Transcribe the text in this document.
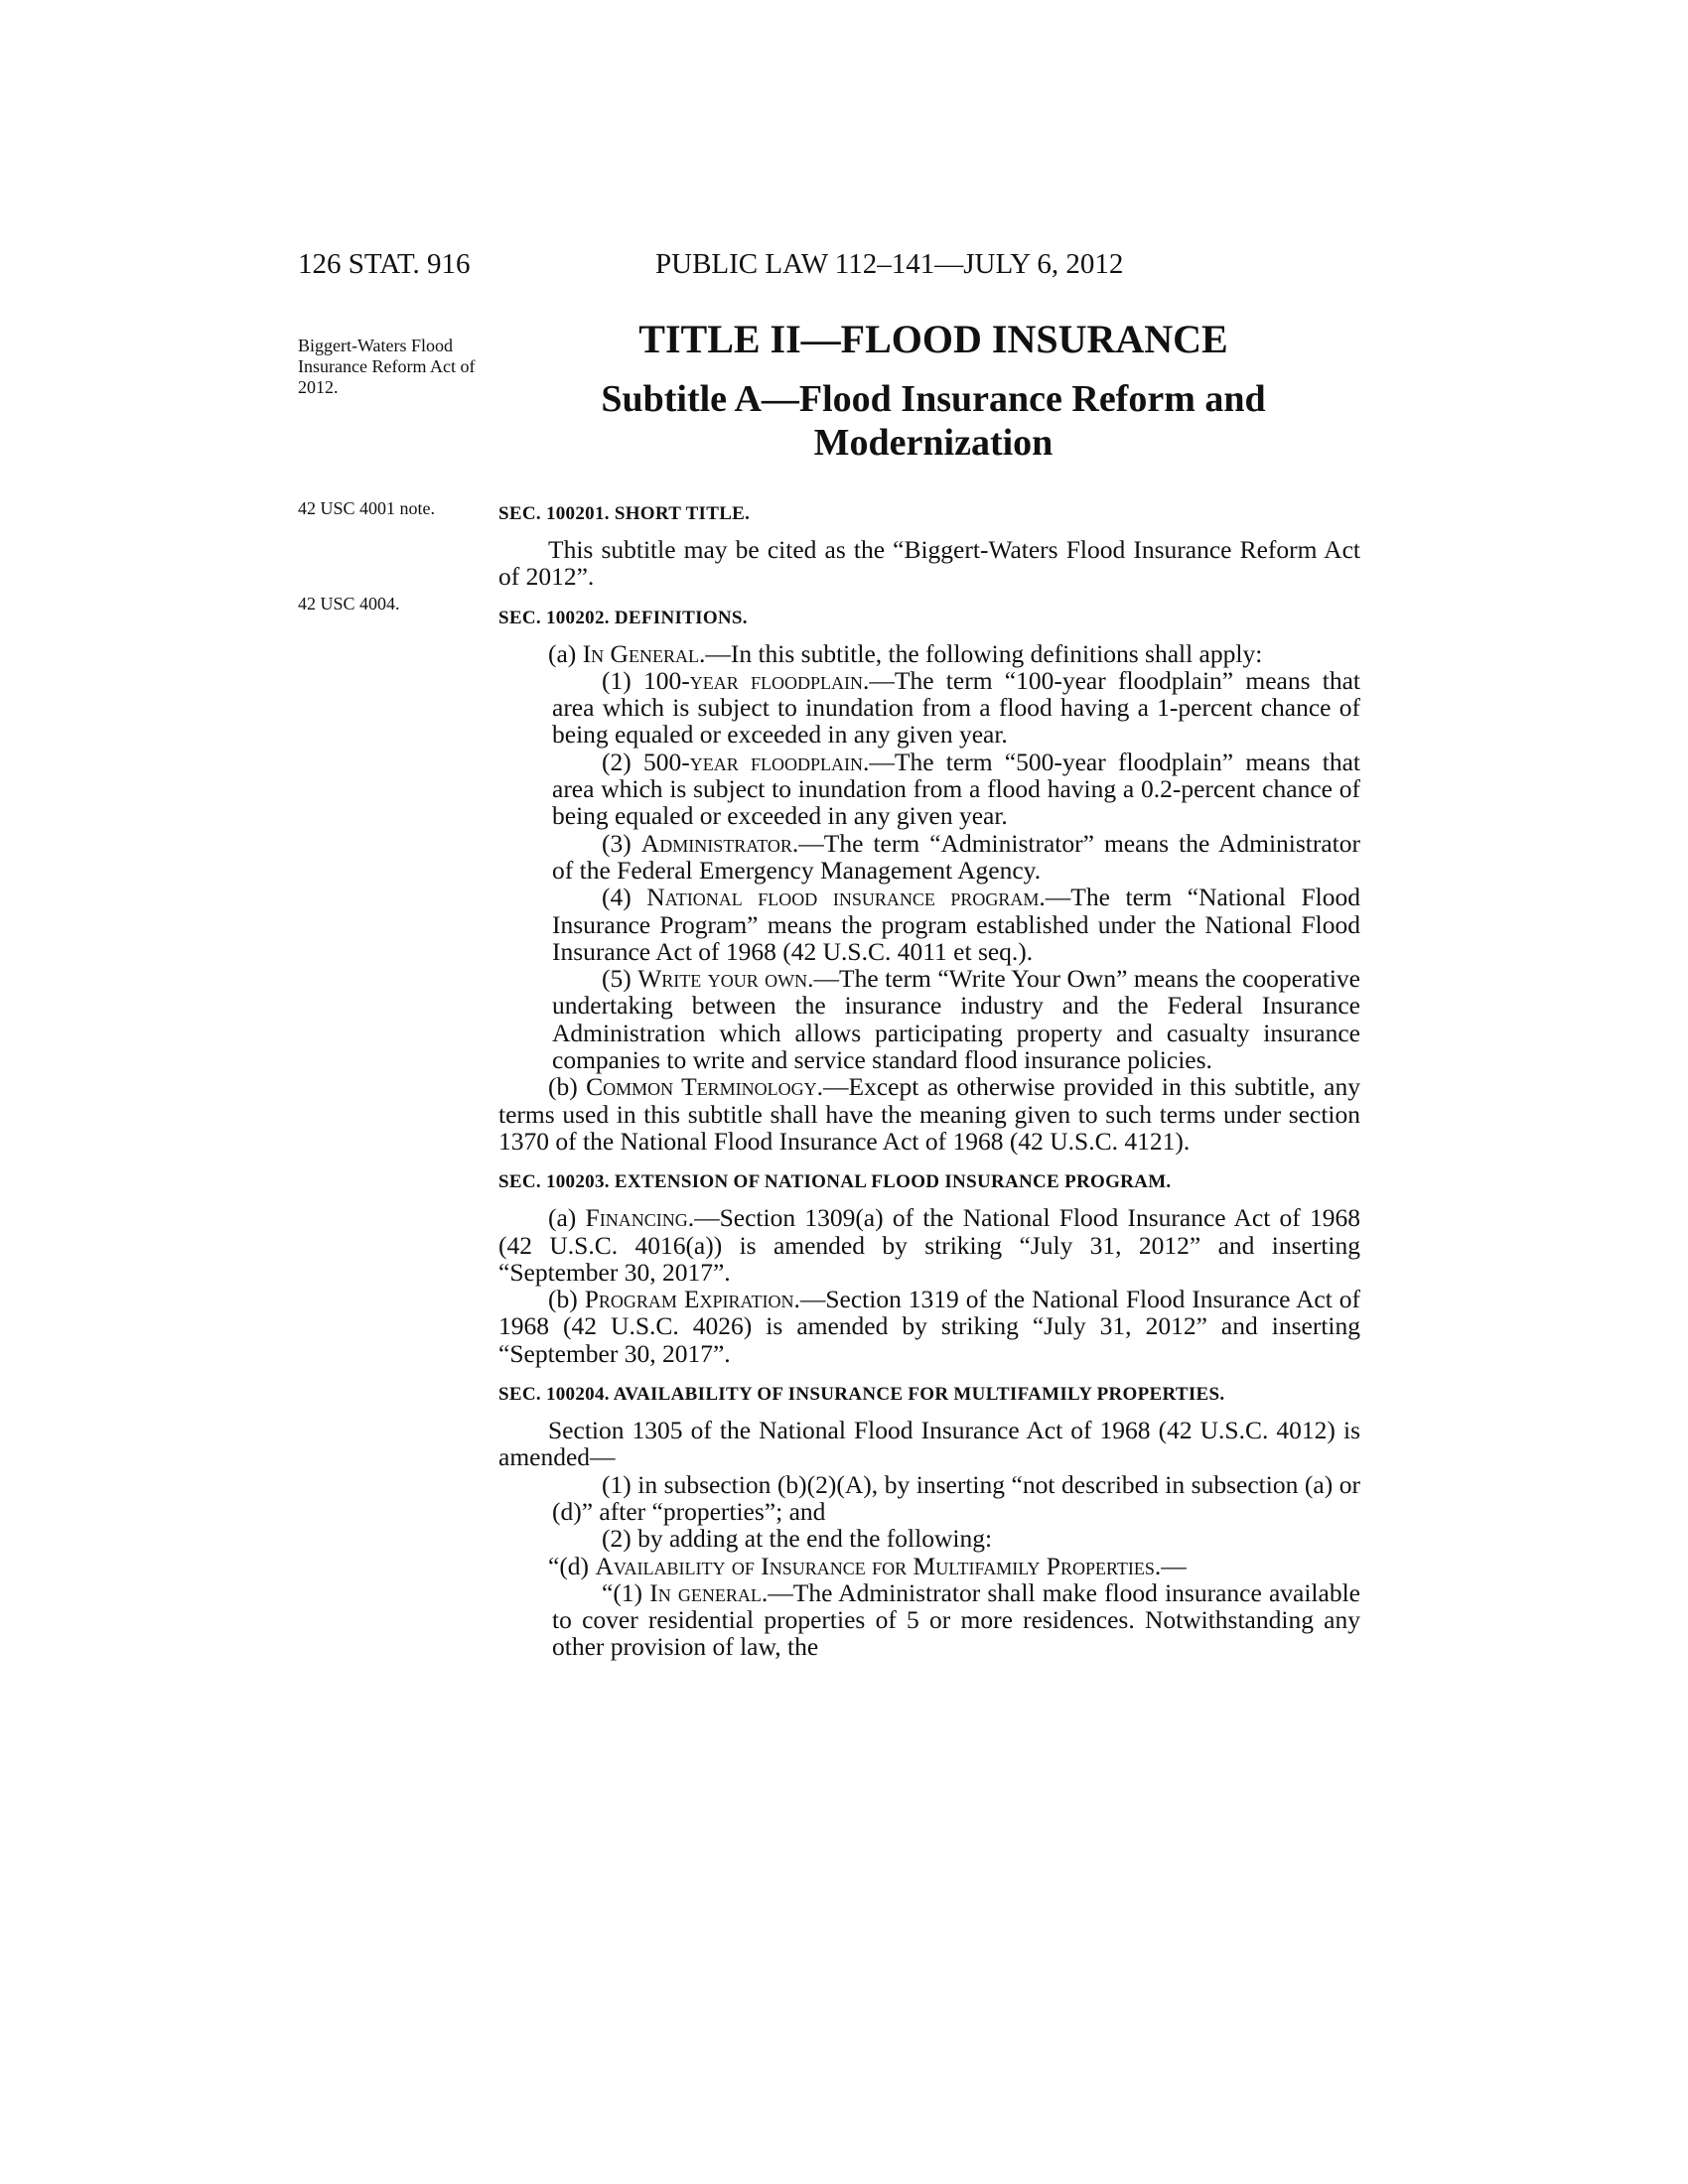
126 STAT. 916	PUBLIC LAW 112–141—JULY 6, 2012
Biggert-Waters Flood Insurance Reform Act of 2012.
42 USC 4001 note.
42 USC 4004.
TITLE II—FLOOD INSURANCE
Subtitle A—Flood Insurance Reform and Modernization

SEC. 100201. SHORT TITLE.

This subtitle may be cited as the “Biggert-Waters Flood Insurance Reform Act of 2012”.

SEC. 100202. DEFINITIONS.

(a) In General.—In this subtitle, the following definitions shall apply:

(1) 100-year floodplain.—The term “100-year floodplain” means that area which is subject to inundation from a flood having a 1-percent chance of being equaled or exceeded in any given year.

(2) 500-year floodplain.—The term “500-year floodplain” means that area which is subject to inundation from a flood having a 0.2-percent chance of being equaled or exceeded in any given year.

(3) Administrator.—The term “Administrator” means the Administrator of the Federal Emergency Management Agency.

(4) National flood insurance program.—The term “National Flood Insurance Program” means the program established under the National Flood Insurance Act of 1968 (42 U.S.C. 4011 et seq.).

(5) Write your own.—The term “Write Your Own” means the cooperative undertaking between the insurance industry and the Federal Insurance Administration which allows participating property and casualty insurance companies to write and service standard flood insurance policies.

(b) Common Terminology.—Except as otherwise provided in this subtitle, any terms used in this subtitle shall have the meaning given to such terms under section 1370 of the National Flood Insurance Act of 1968 (42 U.S.C. 4121).

SEC. 100203. EXTENSION OF NATIONAL FLOOD INSURANCE PROGRAM.

(a) Financing.—Section 1309(a) of the National Flood Insurance Act of 1968 (42 U.S.C. 4016(a)) is amended by striking “July 31, 2012” and inserting “September 30, 2017”.

(b) Program Expiration.—Section 1319 of the National Flood Insurance Act of 1968 (42 U.S.C. 4026) is amended by striking “July 31, 2012” and inserting “September 30, 2017”.

SEC. 100204. AVAILABILITY OF INSURANCE FOR MULTIFAMILY PROPERTIES.

Section 1305 of the National Flood Insurance Act of 1968 (42 U.S.C. 4012) is amended—

(1) in subsection (b)(2)(A), by inserting “not described in subsection (a) or (d)” after “properties”; and

(2) by adding at the end the following:

“(d) Availability of Insurance for Multifamily Properties.—

“(1) In general.—The Administrator shall make flood insurance available to cover residential properties of 5 or more residences. Notwithstanding any other provision of law, the
